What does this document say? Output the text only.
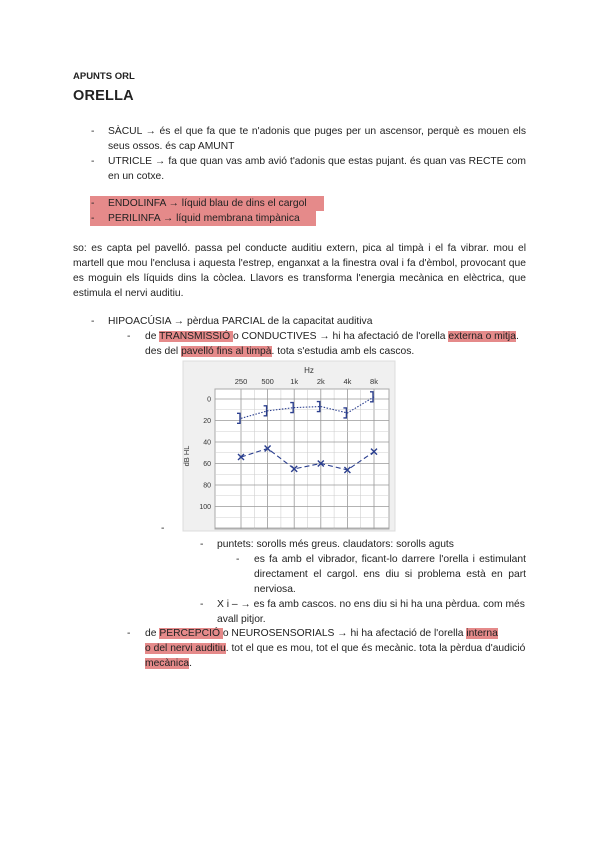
APUNTS ORL
ORELLA
- SÀCUL → és el que fa que te n'adonis que puges per un ascensor, perquè es mouen els seus ossos. és cap AMUNT
- UTRICLE → fa que quan vas amb avió t'adonis que estas pujant. és quan vas RECTE com en un cotxe.
- ENDOLINFA → líquid blau de dins el cargol
- PERILINFA → líquid membrana timpànica
so: es capta pel pavelló. passa pel conducte auditiu extern, pica al timpà i el fa vibrar. mou el martell que mou l'enclusa i aquesta l'estrep, enganxat a la finestra oval i fa d'èmbol, provocant que es moguin els líquids dins la còclea. Llavors es transforma l'energia mecànica en elèctrica, que estimula el nervi auditiu.
- HIPOACÚSIA → pèrdua PARCIAL de la capacitat auditiva
- de TRANSMISSIÓ o CONDUCTIVES → hi ha afectació de l'orella externa o mitja. des del pavelló fins al timpà. tota s'estudia amb els cascos.
250 500 1k 2k 4k 8k
0
20
40
60
80
100
Hz
dB HL
-
- puntets: sorolls més greus. claudators: sorolls aguts
- es fa amb el vibrador, ficant-lo darrere l'orella i estimulant directament el cargol. ens diu si problema està en part nerviosa.
- X i – → es fa amb cascos. no ens diu si hi ha una pèrdua. com més avall pitjor.
- de PERCEPCIÓ o NEUROSENSORIALS → hi ha afectació de l'orella interna
o del nervi auditiu. tot el que es mou, tot el que és mecànic. tota la pèrdua d'audició mecànica.
